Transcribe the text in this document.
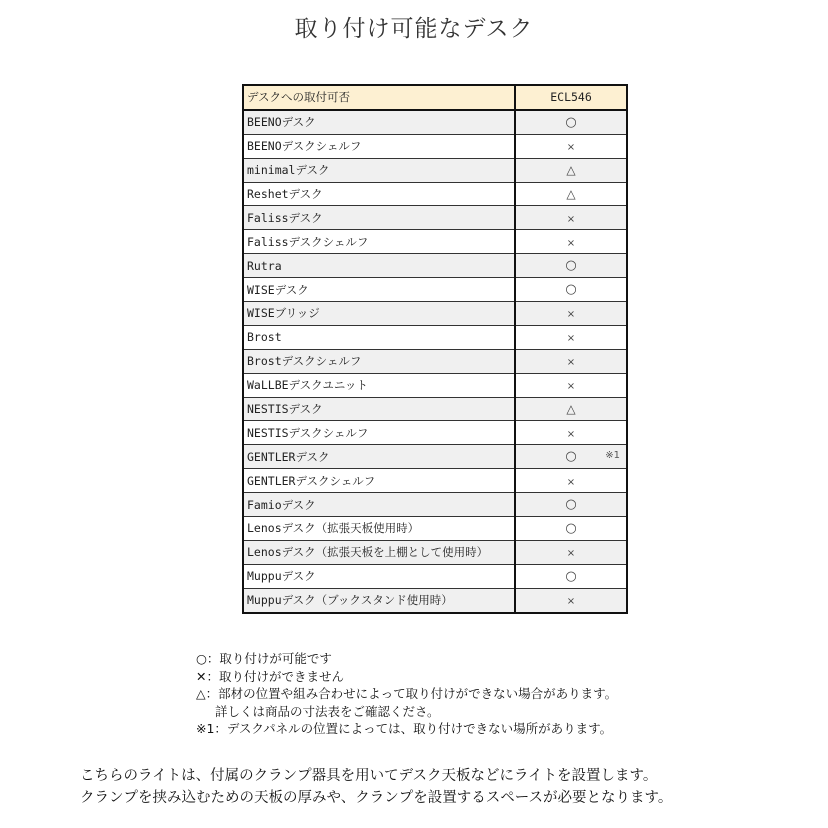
取り付け可能なデスク
デスクへの取付可否	ECL546
BEENOデスク	○
BEENOデスクシェルフ	×
minimalデスク	△
Reshetデスク	△
Falissデスク	×
Falissデスクシェルフ	×
Rutra	○
WISEデスク	○
WISEブリッジ	×
Brost	×
Brostデスクシェルフ	×
WaLLBEデスクユニット	×
NESTISデスク	△
NESTISデスクシェルフ	×
GENTLERデスク	○ ※1

GENTLERデスクシェルフ	×
Famioデスク	○
Lenosデスク（拡張天板使用時）	○
Lenosデスク（拡張天板を上棚として使用時）	×
Muppuデスク	○
Muppuデスク（ブックスタンド使用時）	×
○：取り付けが可能です
✕：取り付けができません
△：部材の位置や組み合わせによって取り付けができない場合があります。
詳しくは商品の寸法表をご確認くださ。
※1：デスクパネルの位置によっては、取り付けできない場所があります。
こちらのライトは、付属のクランプ器具を用いてデスク天板などにライトを設置します。
クランプを挟み込むための天板の厚みや、クランプを設置するスペースが必要となります。
